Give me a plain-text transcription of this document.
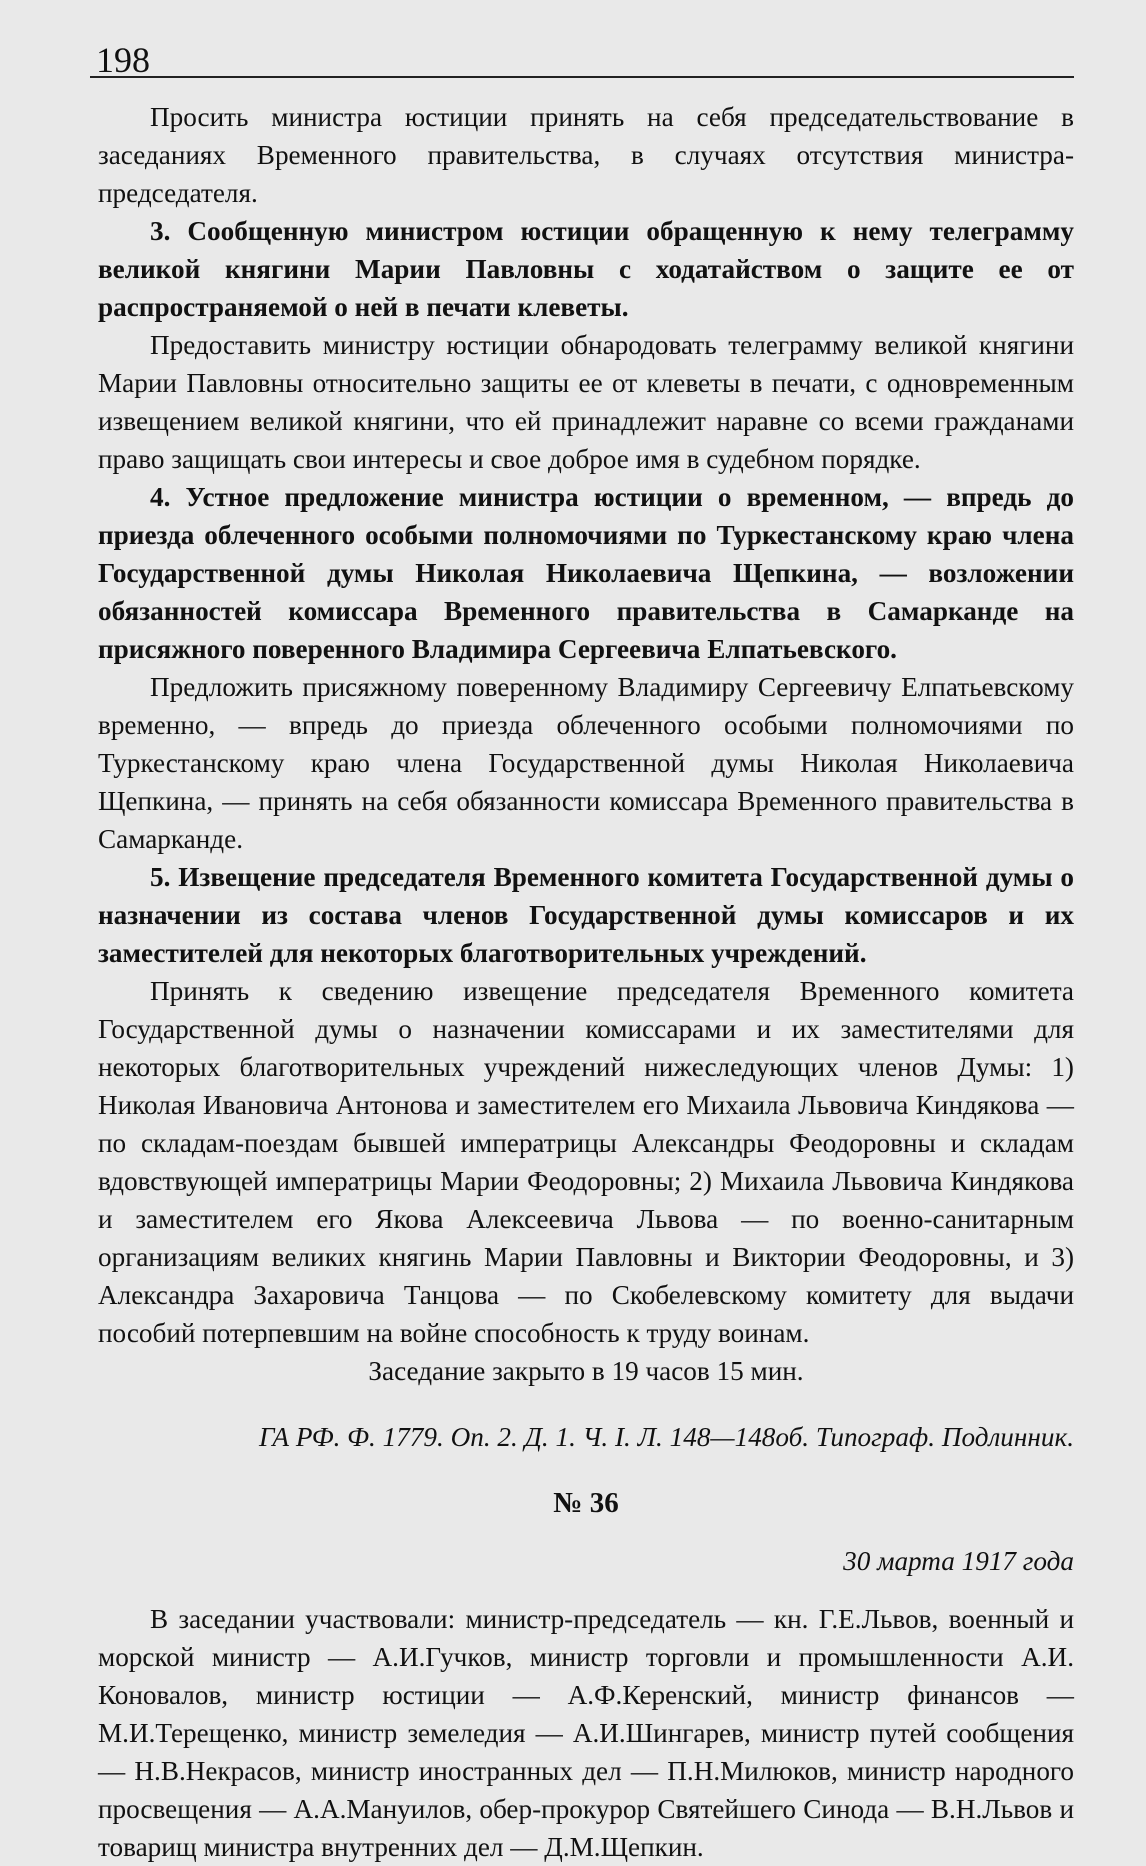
198

Просить министра юстиции принять на себя председательствование в заседаниях Временного правительства, в случаях отсутствия министра-председателя.

3. Сообщенную министром юстиции обращенную к нему телеграмму великой княгини Марии Павловны с ходатайством о защите ее от распространяемой о ней в печати клеветы.

Предоставить министру юстиции обнародовать телеграмму великой княгини Марии Павловны относительно защиты ее от клеветы в печати, с одновременным извещением великой княгини, что ей принадлежит наравне со всеми гражданами право защищать свои интересы и свое доброе имя в судебном порядке.

4. Устное предложение министра юстиции о временном, — впредь до приезда облеченного особыми полномочиями по Туркестанскому краю члена Государственной думы Николая Николаевича Щепкина, — возложении обязанностей комиссара Временного правительства в Самарканде на присяжного поверенного Владимира Сергеевича Елпатьевского.

Предложить присяжному поверенному Владимиру Сергеевичу Елпатьевскому временно, — впредь до приезда облеченного особыми полномочиями по Туркестанскому краю члена Государственной думы Николая Николаевича Щепкина, — принять на себя обязанности комиссара Временного правительства в Самарканде.

5. Извещение председателя Временного комитета Государственной думы о назначении из состава членов Государственной думы комиссаров и их заместителей для некоторых благотворительных учреждений.

Принять к сведению извещение председателя Временного комитета Государственной думы о назначении комиссарами и их заместителями для некоторых благотворительных учреждений нижеследующих членов Думы: 1) Николая Ивановича Антонова и заместителем его Михаила Львовича Киндякова — по складам-поездам бывшей императрицы Александры Феодоровны и складам вдовствующей императрицы Марии Феодоровны; 2) Михаила Львовича Киндякова и заместителем его Якова Алексеевича Львова — по военно-санитарным организациям великих княгинь Марии Павловны и Виктории Феодоровны, и 3) Александра Захаровича Танцова — по Скобелевскому комитету для выдачи пособий потерпевшим на войне способность к труду воинам.

Заседание закрыто в 19 часов 15 мин.

ГА РФ. Ф. 1779. Оп. 2. Д. 1. Ч. I. Л. 148—148об. Типограф. Подлинник.

№ 36

30 марта 1917 года

В заседании участвовали: министр-председатель — кн. Г.Е.Львов, военный и морской министр — А.И.Гучков, министр торговли и промышленности А.И. Коновалов, министр юстиции — А.Ф.Керенский, министр финансов — М.И.Терещенко, министр земеледия — А.И.Шингарев, министр путей сообщения — Н.В.Некрасов, министр иностранных дел — П.Н.Милюков, министр народного просвещения — А.А.Мануилов, обер-прокурор Святейшего Синода — В.Н.Львов и товарищ министра внутренних дел — Д.М.Щепкин.
